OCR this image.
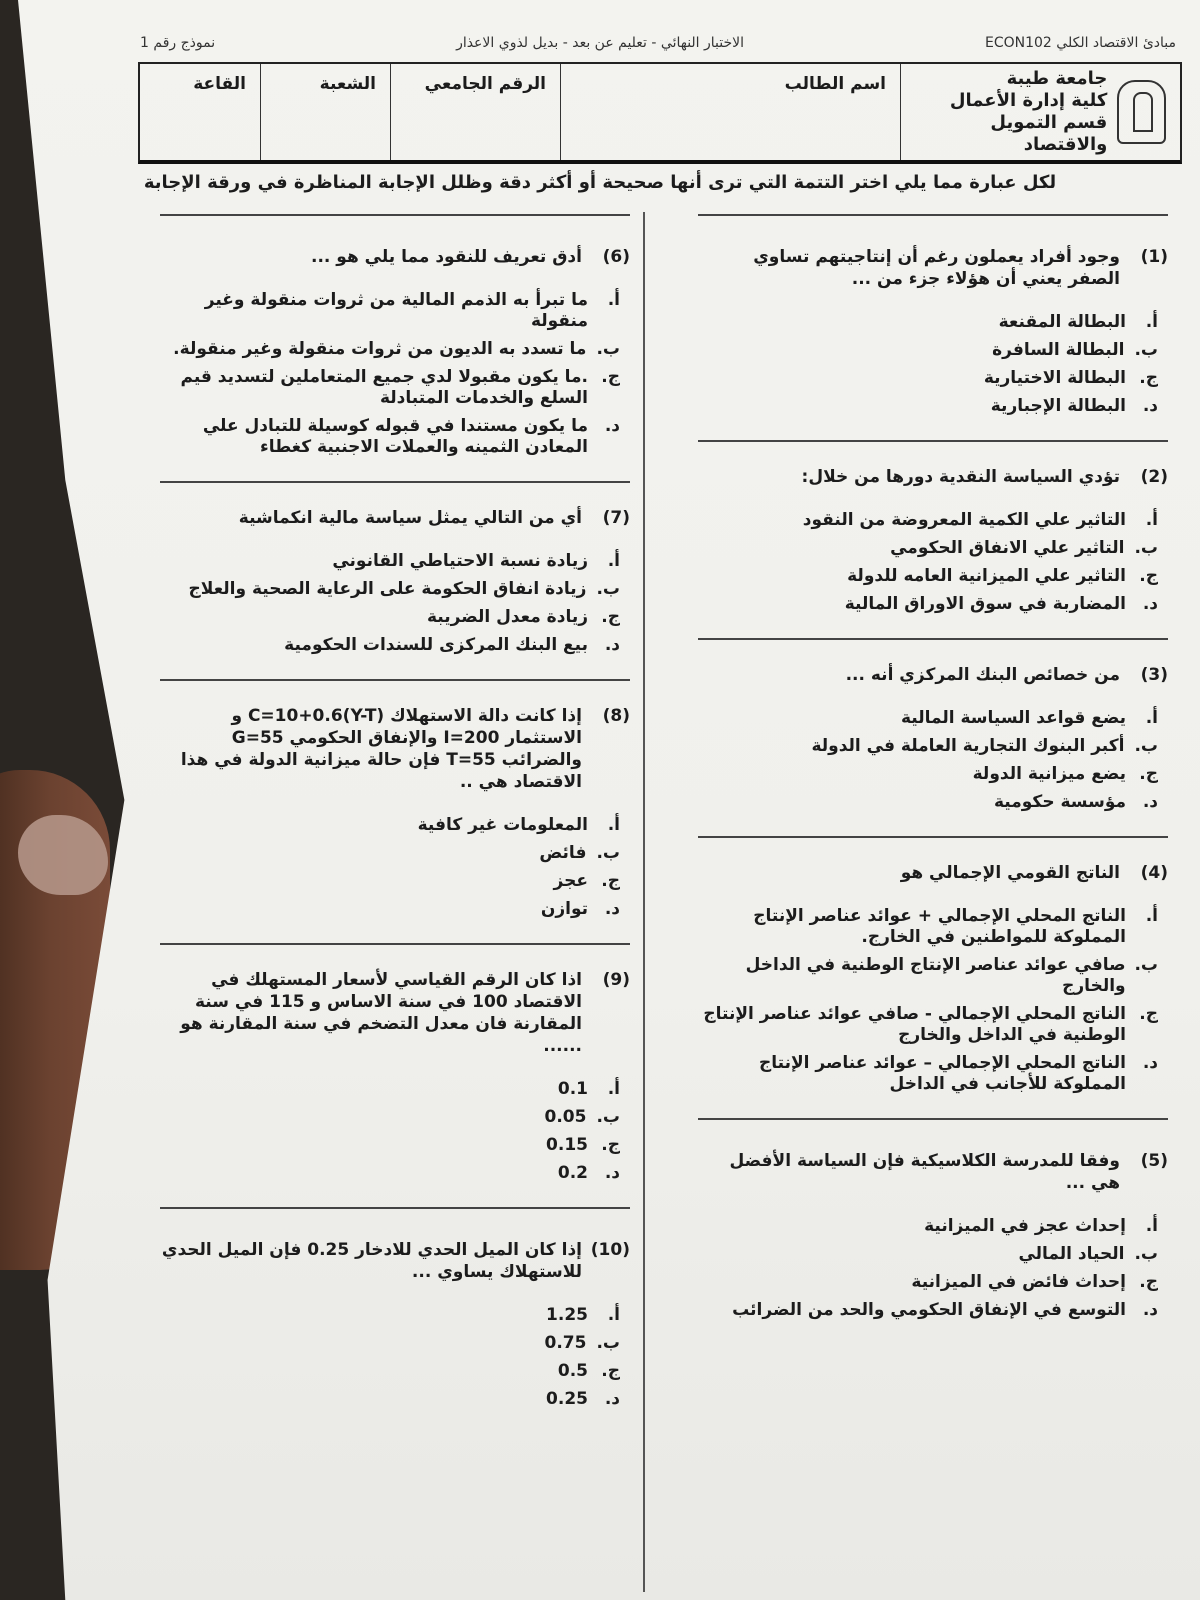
مبادئ الاقتصاد الكلي ECON102
الاختبار النهائي - تعليم عن بعد - بديل لذوي الاعذار
نموذج رقم 1
جامعة طيبة
كلية إدارة الأعمال
قسم التمويل والاقتصاد
اسم الطالب
الرقم الجامعي
الشعبة
القاعة
لكل عبارة مما يلي اختر التتمة التي ترى أنها صحيحة أو أكثر دقة وظلل الإجابة المناظرة في ورقة الإجابة
(1)
وجود أفراد يعملون رغم أن إنتاجيتهم تساوي الصفر يعني أن هؤلاء جزء من ...
أ.
البطالة المقنعة
ب.
البطالة السافرة
ج.
البطالة الاختيارية
د.
البطالة الإجبارية
(2)
تؤدي السياسة النقدية دورها من خلال:
أ.
التاثير علي الكمية المعروضة من النقود
ب.
التاثير علي الانفاق الحكومي
ج.
التاثير علي الميزانية العامه للدولة
د.
المضاربة في سوق الاوراق المالية
(3)
من خصائص البنك المركزي أنه ...
أ.
يضع قواعد السياسة المالية
ب.
أكبر البنوك التجارية العاملة في الدولة
ج.
يضع ميزانية الدولة
د.
مؤسسة حكومية
(4)
الناتج القومي الإجمالي هو
أ.
الناتج المحلي الإجمالي + عوائد عناصر الإنتاج المملوكة للمواطنين في الخارج.
ب.
صافي عوائد عناصر الإنتاج الوطنية في الداخل والخارج
ج.
الناتج المحلي الإجمالي - صافي عوائد عناصر الإنتاج الوطنية في الداخل والخارج
د.
الناتج المحلي الإجمالي – عوائد عناصر الإنتاج المملوكة للأجانب في الداخل
(5)
وفقا للمدرسة الكلاسيكية فإن السياسة الأفضل هي ...
أ.
إحداث عجز في الميزانية
ب.
الحياد المالي
ج.
إحداث فائض في الميزانية
د.
التوسع في الإنفاق الحكومي والحد من الضرائب
(6)
أدق تعريف للنقود مما يلي هو ...
أ.
ما تبرأ به الذمم المالية من ثروات منقولة وغير منقولة
ب.
ما تسدد به الديون من ثروات منقولة وغير منقولة.
ج.
.ما يكون مقبولا لدي جميع المتعاملين لتسديد قيم السلع والخدمات المتبادلة
د.
ما يكون مستندا في قبوله كوسيلة للتبادل علي المعادن الثمينه والعملات الاجنبية كغطاء
(7)
أي من التالي يمثل سياسة مالية انكماشية
أ.
زيادة نسبة الاحتياطي القانوني
ب.
زيادة انفاق الحكومة على الرعاية الصحية والعلاج
ج.
زيادة معدل الضريبة
د.
بيع البنك المركزى للسندات الحكومية
(8)
إذا كانت دالة الاستهلاك C=10+0.6(Y-T) و الاستثمار I=200 والإنفاق الحكومي G=55 والضرائب T=55 فإن حالة ميزانية الدولة في هذا الاقتصاد هي ..
أ.
المعلومات غير كافية
ب.
فائض
ج.
عجز
د.
توازن
(9)
اذا كان الرقم القياسي لأسعار المستهلك في الاقتصاد 100 في سنة الاساس و 115 في سنة المقارنة فان معدل التضخم في سنة المقارنة هو ......
أ.
0.1
ب.
0.05
ج.
0.15
د.
0.2
(10)
إذا كان الميل الحدي للادخار 0.25 فإن الميل الحدي للاستهلاك يساوي ...
أ.
1.25
ب.
0.75
ج.
0.5
د.
0.25
